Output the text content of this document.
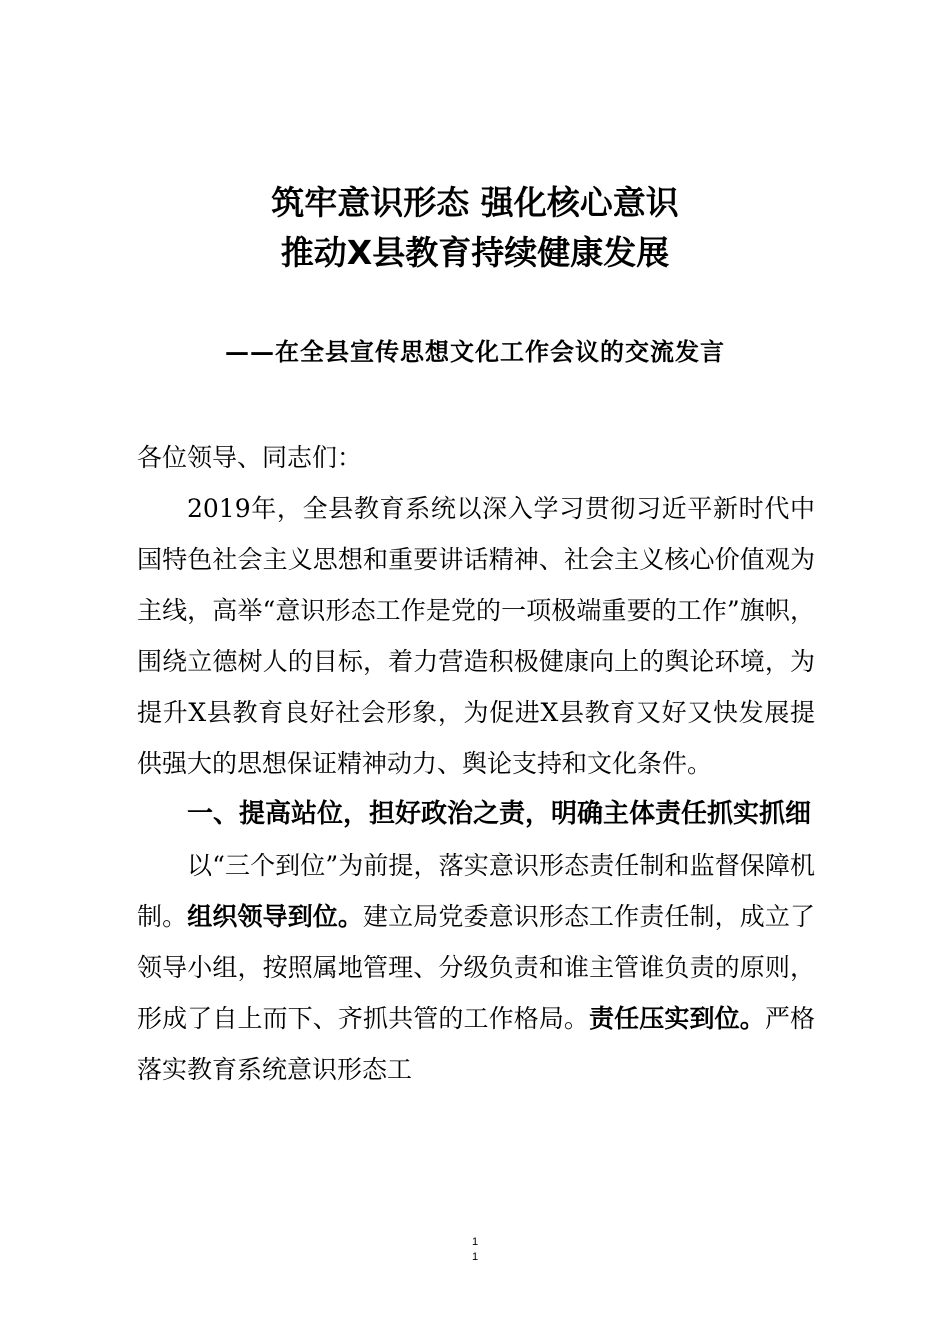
筑牢意识形态 强化核心意识
推动X县教育持续健康发展
——在全县宣传思想文化工作会议的交流发言

各位领导、同志们：

2019年，全县教育系统以深入学习贯彻习近平新时代中国特色社会主义思想和重要讲话精神、社会主义核心价值观为主线，高举“意识形态工作是党的一项极端重要的工作”旗帜，围绕立德树人的目标，着力营造积极健康向上的舆论环境，为提升X县教育良好社会形象，为促进X县教育又好又快发展提供强大的思想保证精神动力、舆论支持和文化条件。

一、提高站位，担好政治之责，明确主体责任抓实抓细

以“三个到位”为前提，落实意识形态责任制和监督保障机制。组织领导到位。建立局党委意识形态工作责任制，成立了领导小组，按照属地管理、分级负责和谁主管谁负责的原则，形成了自上而下、齐抓共管的工作格局。责任压实到位。严格落实教育系统意识形态工

1
1
